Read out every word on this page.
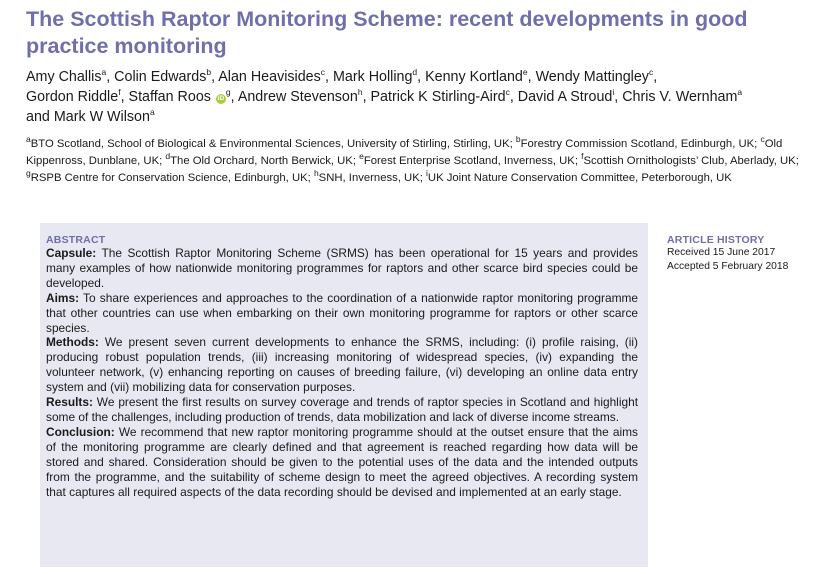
The Scottish Raptor Monitoring Scheme: recent developments in good practice monitoring
Amy Challis$^a$, Colin Edwards$^b$, Alan Heavisides$^c$, Mark Holling$^d$, Kenny Kortland$^e$, Wendy Mattingley$^c$,
Gordon Riddle$^f$, Staffan Roos $iD^g$, Andrew Stevenson$^h$, Patrick K Stirling-Aird$^c$, David A Stroud$^i$, Chris V. Wernham$^a$
and Mark W Wilson$^a$
$^a$BTO Scotland, School of Biological & Environmental Sciences, University of Stirling, Stirling, UK; $^b$Forestry Commission Scotland, Edinburgh, UK; $^c$Old Kippenross, Dunblane, UK; $^d$The Old Orchard, North Berwick, UK; $^e$Forest Enterprise Scotland, Inverness, UK; $^f$Scottish Ornithologists’ Club, Aberlady, UK; $^g$RSPB Centre for Conservation Science, Edinburgh, UK; $^h$SNH, Inverness, UK; $^i$UK Joint Nature Conservation Committee, Peterborough, UK
ABSTRACT

Capsule: The Scottish Raptor Monitoring Scheme (SRMS) has been operational for 15 years and provides many examples of how nationwide monitoring programmes for raptors and other scarce bird species could be developed.

Aims: To share experiences and approaches to the coordination of a nationwide raptor monitoring programme that other countries can use when embarking on their own monitoring programme for raptors or other scarce species.

Methods: We present seven current developments to enhance the SRMS, including: (i) profile raising, (ii) producing robust population trends, (iii) increasing monitoring of widespread species, (iv) expanding the volunteer network, (v) enhancing reporting on causes of breeding failure, (vi) developing an online data entry system and (vii) mobilizing data for conservation purposes.

Results: We present the first results on survey coverage and trends of raptor species in Scotland and highlight some of the challenges, including production of trends, data mobilization and lack of diverse income streams.

Conclusion: We recommend that new raptor monitoring programme should at the outset ensure that the aims of the monitoring programme are clearly defined and that agreement is reached regarding how data will be stored and shared. Consideration should be given to the potential uses of the data and the intended outputs from the programme, and the suitability of scheme design to meet the agreed objectives. A recording system that captures all required aspects of the data recording should be devised and implemented at an early stage.

ARTICLE HISTORY
Received 15 June 2017
Accepted 5 February 2018
